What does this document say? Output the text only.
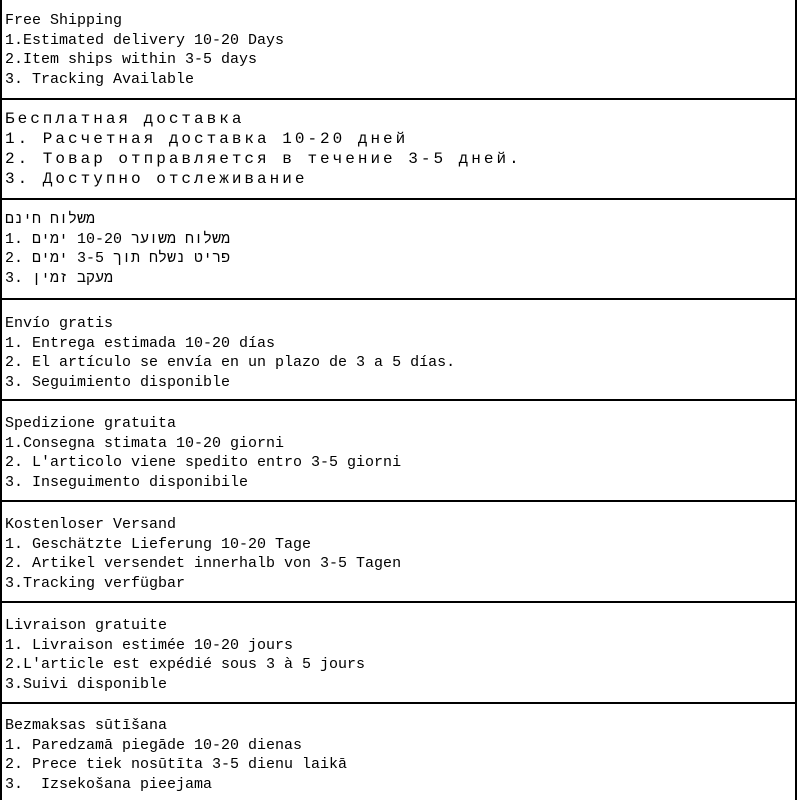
Free Shipping
1.Estimated delivery 10-20 Days
2.Item ships within 3-5 days
3. Tracking Available
Бесплатная доставка
1. Расчетная доставка 10-20 дней
2. Товар отправляется в течение 3-5 дней.
3. Доступно отслеживание
משלוח חינם
1. משלוח משוער 10-20 ימים
2. פריט נשלח תוך 3-5 ימים
3. מעקב זמין
Envío gratis
1. Entrega estimada 10-20 días
2. El artículo se envía en un plazo de 3 a 5 días.
3. Seguimiento disponible
Spedizione gratuita
1.Consegna stimata 10-20 giorni
2. L'articolo viene spedito entro 3-5 giorni
3. Inseguimento disponibile
Kostenloser Versand
1. Geschätzte Lieferung 10-20 Tage
2. Artikel versendet innerhalb von 3-5 Tagen
3.Tracking verfügbar
Livraison gratuite
1. Livraison estimée 10-20 jours
2.L'article est expédié sous 3 à 5 jours
3.Suivi disponible
Bezmaksas sūtīšana
1. Paredzamā piegāde 10-20 dienas
2. Prece tiek nosūtīta 3-5 dienu laikā
3.  Izsekošana pieejama
